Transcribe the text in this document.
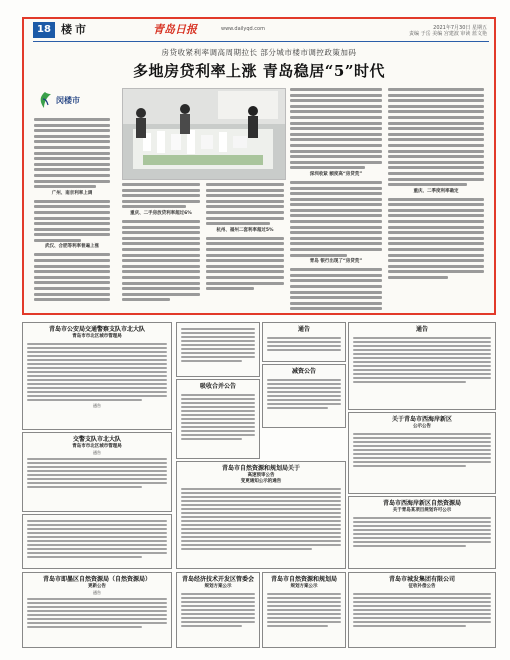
18 楼市	青岛日报	www.dailyqd.com	2021年7月30日 星期五
责编 于岳 美编 宫建波 审读 蓝文艳
房贷收紧利率调高周期拉长 部分城市楼市调控政策加码
多地房贷利率上涨 青岛稳居“5”时代
闵楼市
广州、南京利率上调
武汉、合肥等利率普遍上涨
重庆、二手房放贷利率超过6%
杭州、福州二套利率超过5%
深圳收紧 额度高“房贷荒”
青岛 银行出现了“房贷荒”
重庆、二季度利率确定
青岛市公安局交通警察支队市北大队
青岛市市北区城市管理局
通告
交警支队市北大队
青岛市市北区城市管理局
通告
通告
减资公告
吸收合并公告
青岛市自然资源和规划局关于
高速预审公告
变更通知公示的通告
通告
关于青岛市西海岸新区
公示公告
青岛市西海岸新区自然资源局
关于青岛某项目规划许可公示
青岛市即墨区自然资源局（自然资源局）
更新公告
通告
青岛经济技术开发区管委会
规划方案公示
青岛市自然资源和规划局
规划方案公示
青岛市城发集团有限公司
征收补偿公告
